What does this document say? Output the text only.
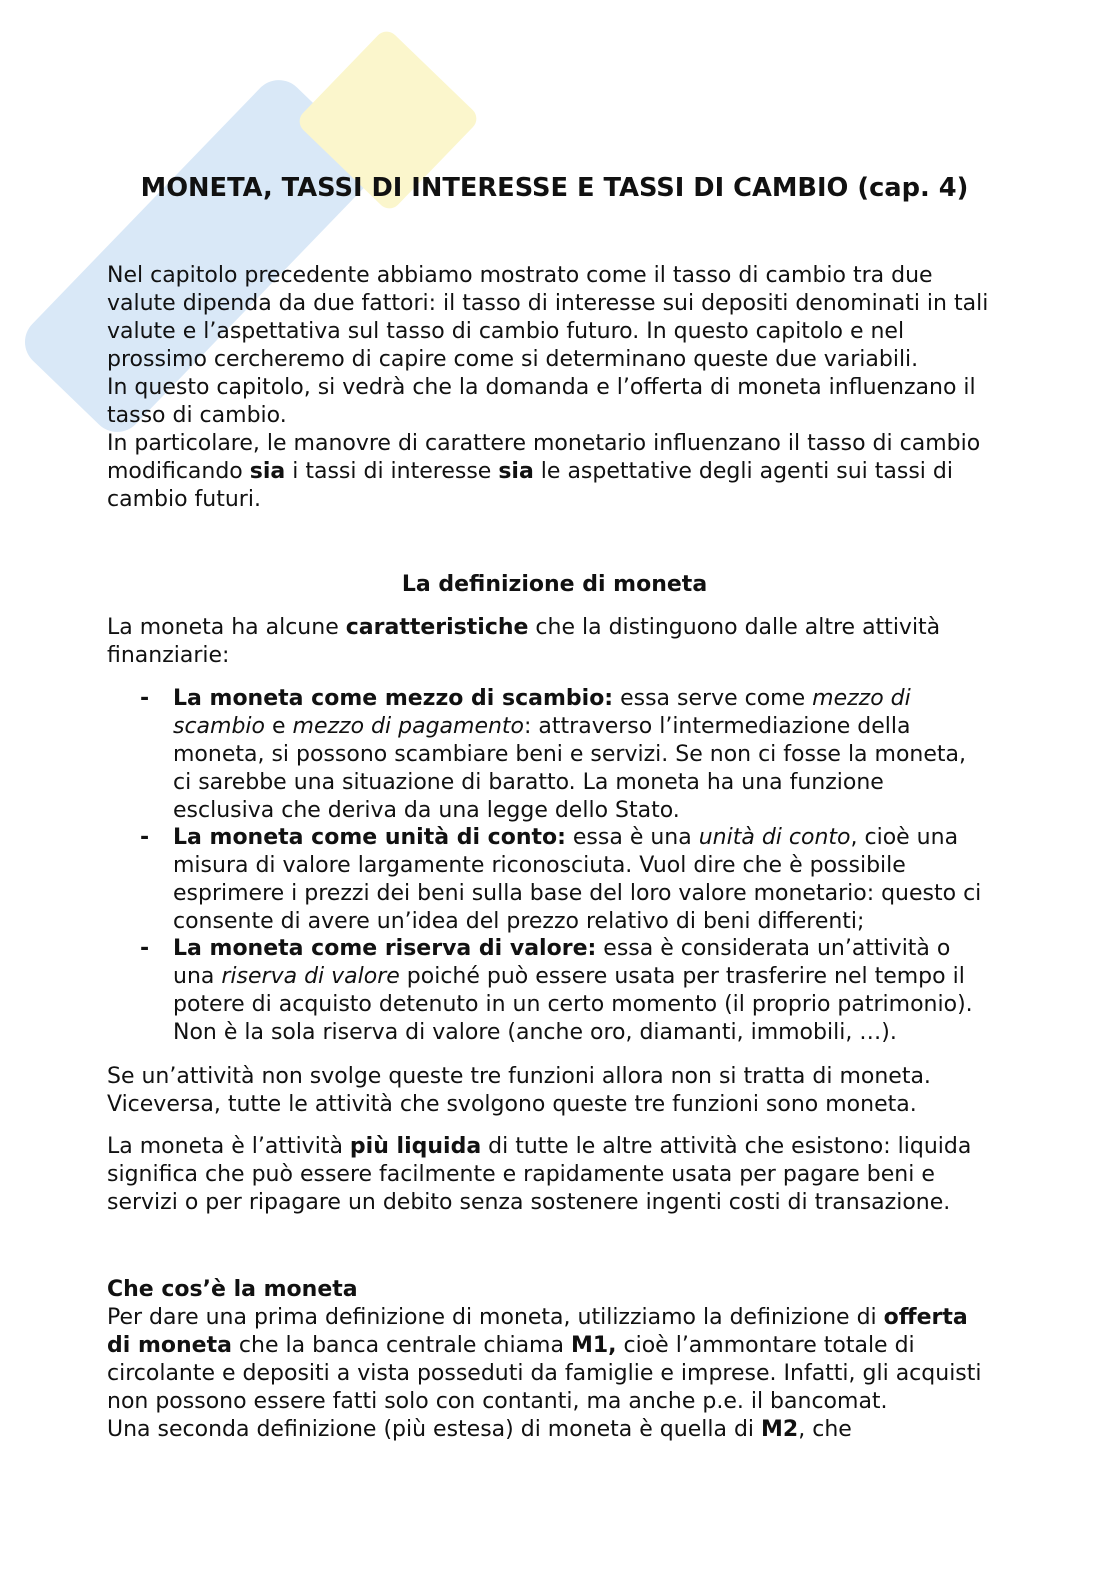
MONETA, TASSI DI INTERESSE E TASSI DI CAMBIO (cap. 4)
Nel capitolo precedente abbiamo mostrato come il tasso di cambio tra due
valute dipenda da due fattori: il tasso di interesse sui depositi denominati in tali
valute e l’aspettativa sul tasso di cambio futuro. In questo capitolo e nel
prossimo cercheremo di capire come si determinano queste due variabili.
In questo capitolo, si vedrà che la domanda e l’offerta di moneta influenzano il
tasso di cambio.
In particolare, le manovre di carattere monetario influenzano il tasso di cambio
modificando sia i tassi di interesse sia le aspettative degli agenti sui tassi di
cambio futuri.
La definizione di moneta
La moneta ha alcune caratteristiche che la distinguono dalle altre attività
finanziarie:
- La moneta come mezzo di scambio: essa serve come mezzo di
scambio e mezzo di pagamento: attraverso l’intermediazione della
moneta, si possono scambiare beni e servizi. Se non ci fosse la moneta,
ci sarebbe una situazione di baratto. La moneta ha una funzione
esclusiva che deriva da una legge dello Stato.
- La moneta come unità di conto: essa è una unità di conto, cioè una
misura di valore largamente riconosciuta. Vuol dire che è possibile
esprimere i prezzi dei beni sulla base del loro valore monetario: questo ci
consente di avere un’idea del prezzo relativo di beni differenti;
- La moneta come riserva di valore: essa è considerata un’attività o
una riserva di valore poiché può essere usata per trasferire nel tempo il
potere di acquisto detenuto in un certo momento (il proprio patrimonio).
Non è la sola riserva di valore (anche oro, diamanti, immobili, …).
Se un’attività non svolge queste tre funzioni allora non si tratta di moneta.
Viceversa, tutte le attività che svolgono queste tre funzioni sono moneta.
La moneta è l’attività più liquida di tutte le altre attività che esistono: liquida
significa che può essere facilmente e rapidamente usata per pagare beni e
servizi o per ripagare un debito senza sostenere ingenti costi di transazione.
Che cos’è la moneta
Per dare una prima definizione di moneta, utilizziamo la definizione di offerta
di moneta che la banca centrale chiama M1, cioè l’ammontare totale di
circolante e depositi a vista posseduti da famiglie e imprese. Infatti, gli acquisti
non possono essere fatti solo con contanti, ma anche p.e. il bancomat.
Una seconda definizione (più estesa) di moneta è quella di M2, che
